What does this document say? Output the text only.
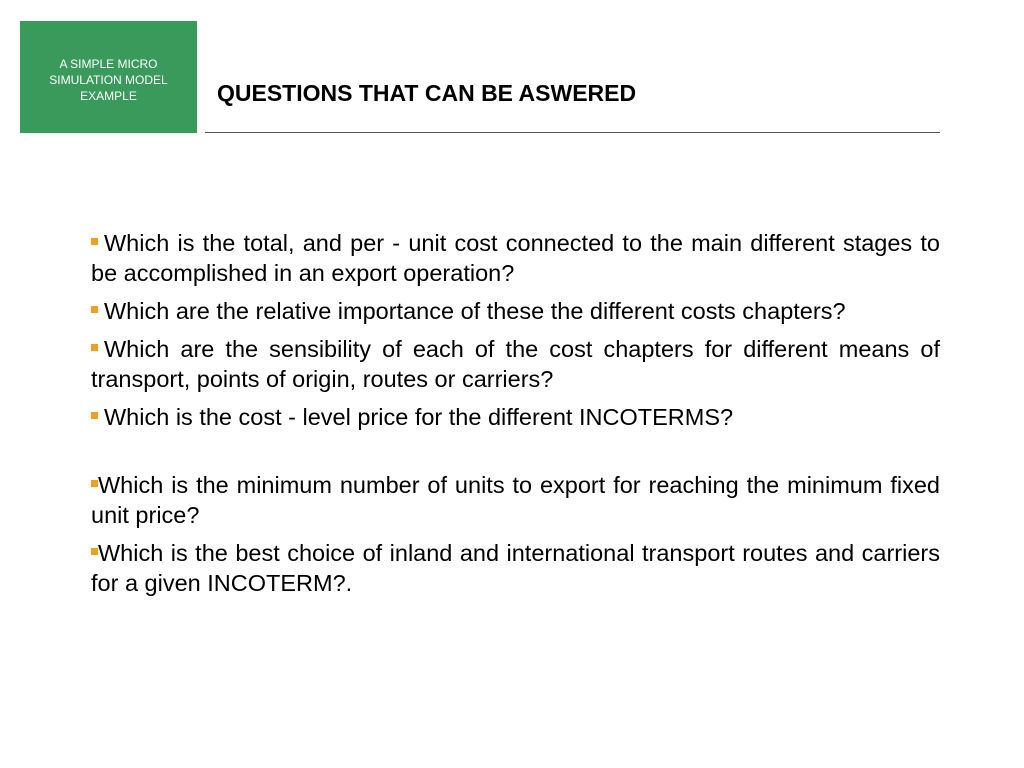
A SIMPLE MICRO
SIMULATION MODEL
EXAMPLE	QUESTIONS THAT CAN BE ASWERED
Which is the total, and per - unit cost connected to the main different stages to be accomplished in an export operation?
Which are the relative importance of these the different costs chapters?
Which are the sensibility of each of the cost chapters for different means of transport, points of origin, routes or carriers?
Which is the cost - level price for the different INCOTERMS?
Which is the minimum number of units to export for reaching the minimum fixed unit price?
Which is the best choice of inland and international transport routes and carriers for a given INCOTERM?.
